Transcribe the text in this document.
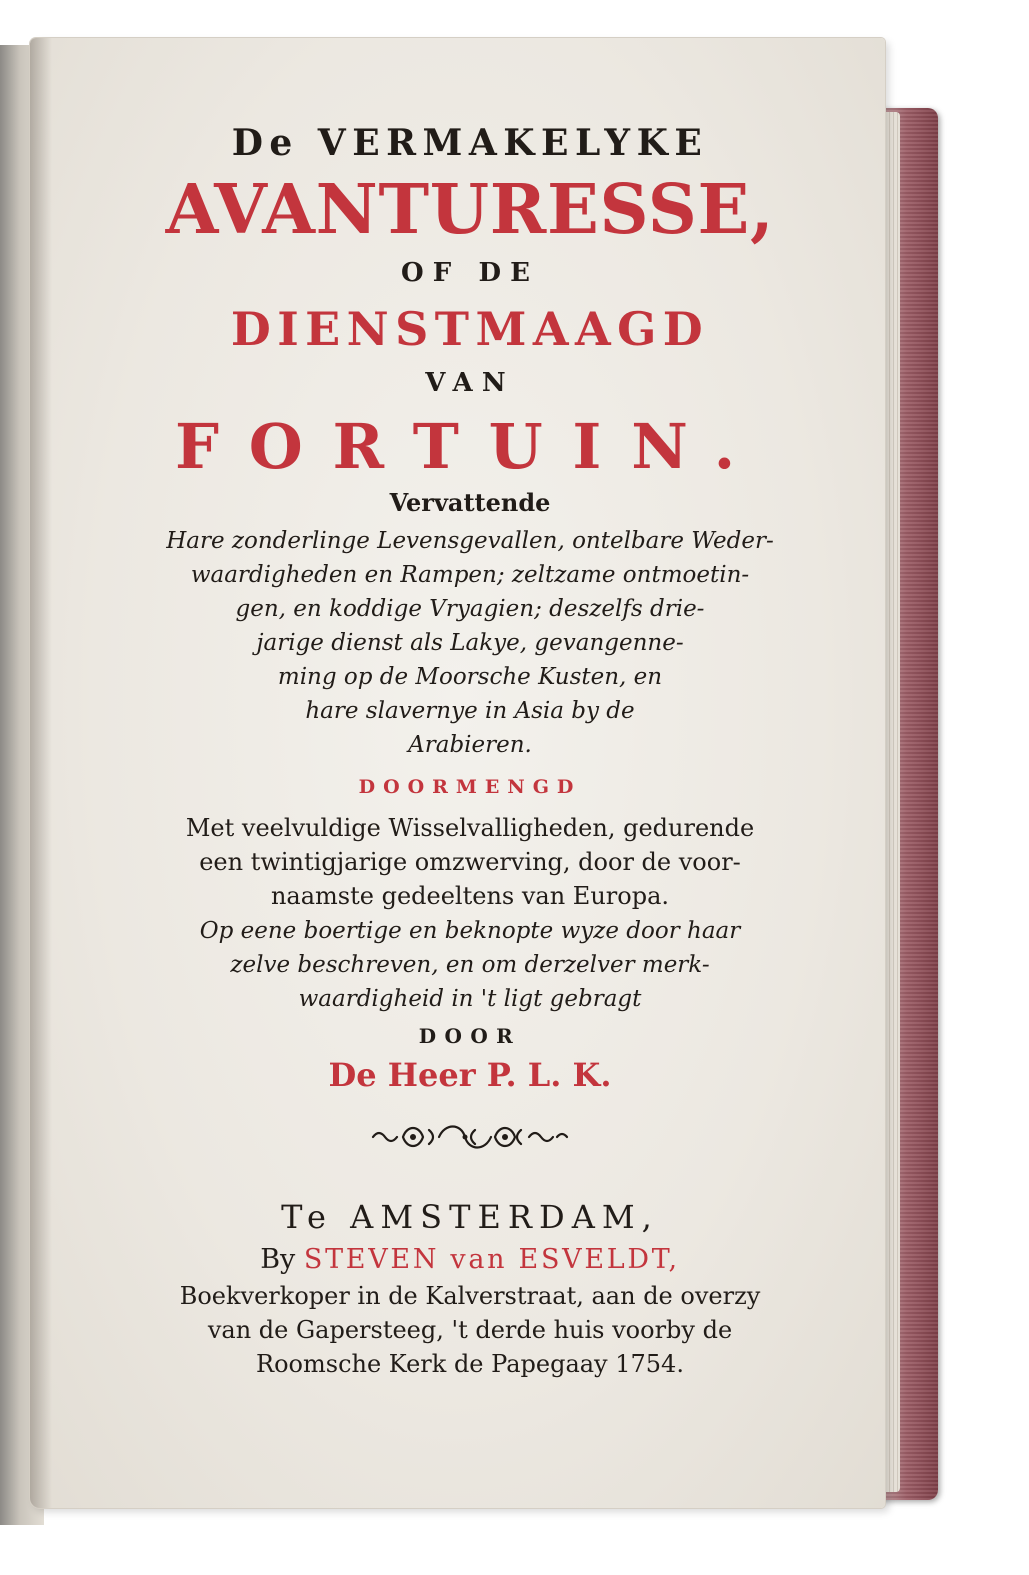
De VERMAKELYKE
AVANTURESSE,
OF DE
DIENSTMAAGD
VAN
FORTUIN.
Vervattende
Hare zonderlinge Levensgevallen, ontelbare Weder-
waardigheden en Rampen; zeltzame ontmoetin-
gen, en koddige Vryagien; deszelfs drie-
jarige dienst als Lakye, gevangenne-
ming op de Moorsche Kusten, en
hare slavernye in Asia by de
Arabieren.
DOORMENGD
Met veelvuldige Wisselvalligheden, gedurende
een twintigjarige omzwerving, door de voor-
naamste gedeeltens van Europa.
Op eene boertige en beknopte wyze door haar
zelve beschreven, en om derzelver merk-
waardigheid in 't ligt gebragt
DOOR
De Heer P. L. K.
Te AMSTERDAM,
By STEVEN van ESVELDT,
Boekverkoper in de Kalverstraat, aan de overzy
van de Gapersteeg, 't derde huis voorby de
Roomsche Kerk de Papegaay 1754.
